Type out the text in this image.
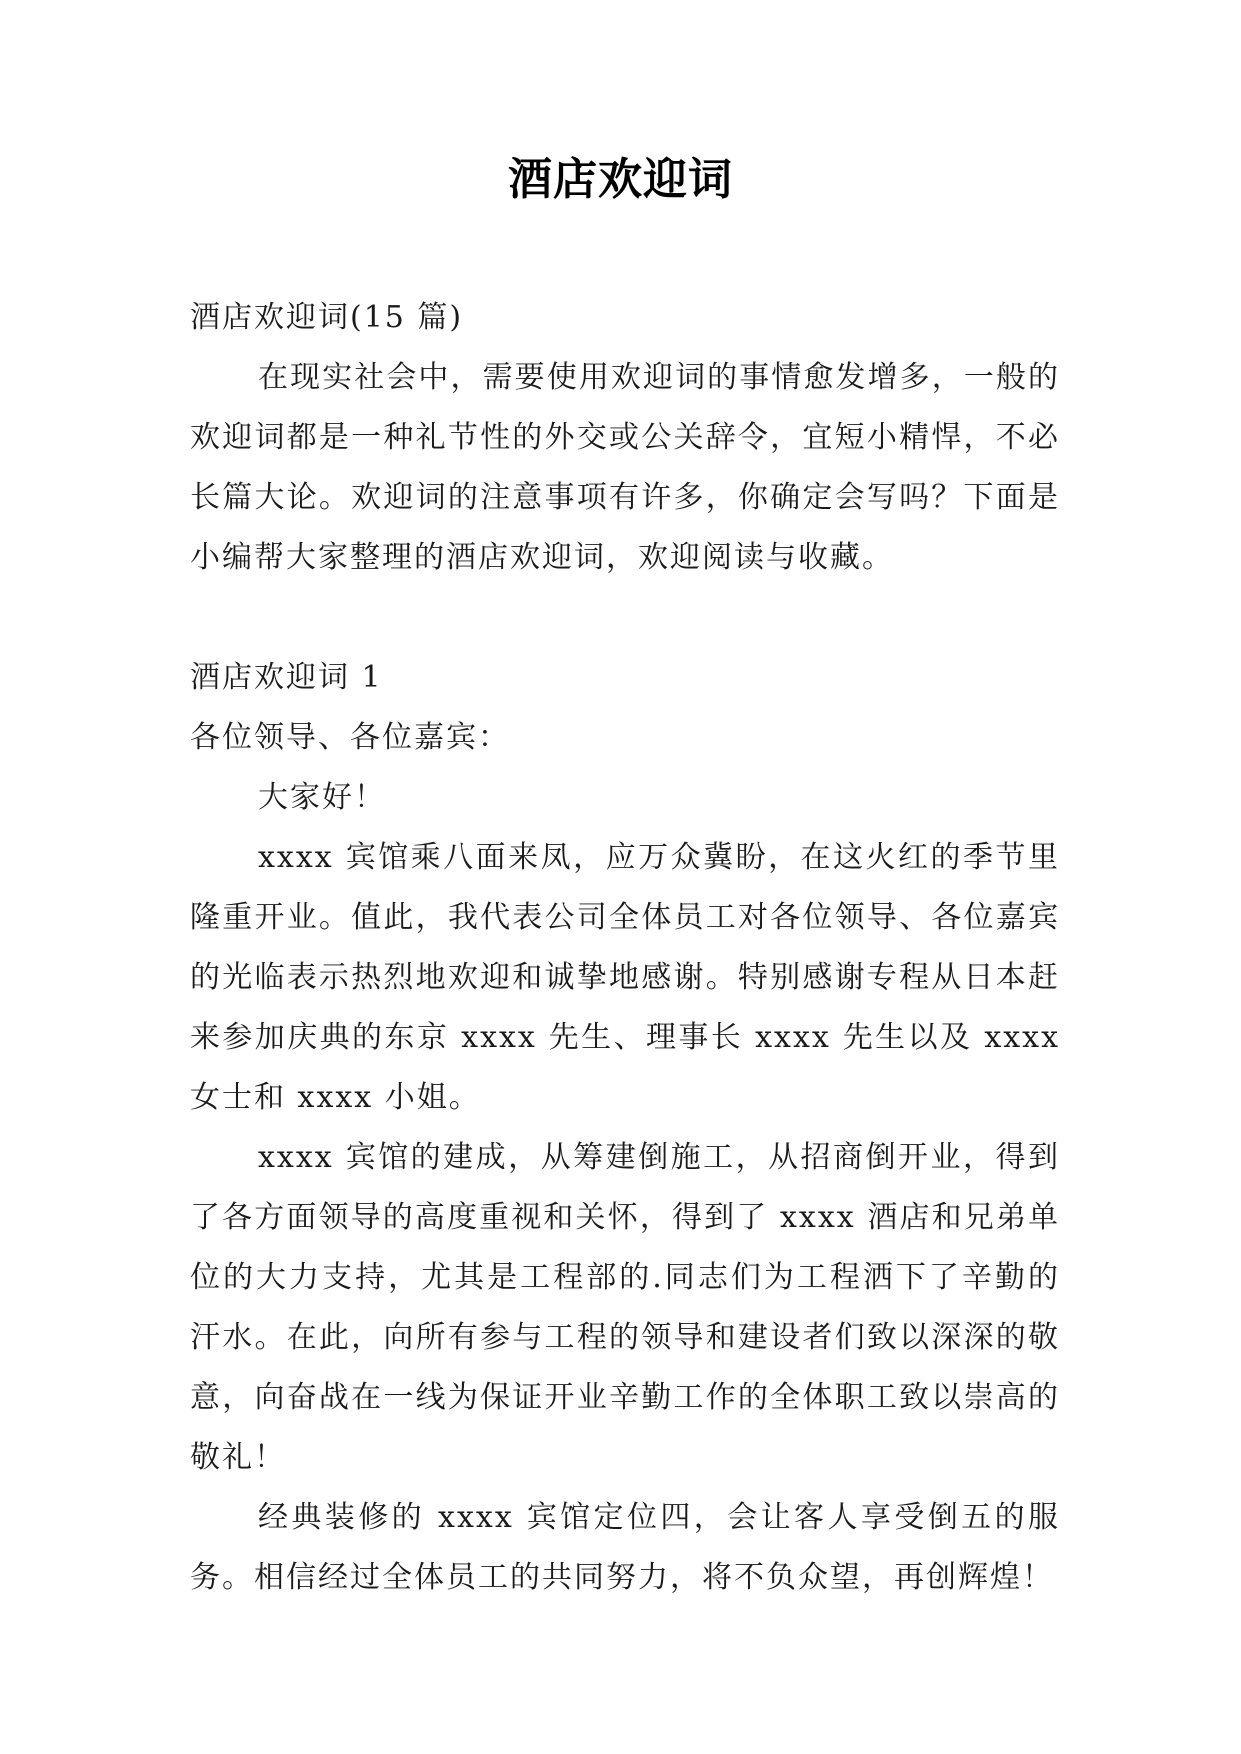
酒店欢迎词

酒店欢迎词(15 篇)

在现实社会中，需要使用欢迎词的事情愈发增多，一般的欢迎词都是一种礼节性的外交或公关辞令，宜短小精悍，不必长篇大论。欢迎词的注意事项有许多，你确定会写吗？下面是小编帮大家整理的酒店欢迎词，欢迎阅读与收藏。

酒店欢迎词 1

各位领导、各位嘉宾：

大家好！

xxxx 宾馆乘八面来凤，应万众冀盼，在这火红的季节里隆重开业。值此，我代表公司全体员工对各位领导、各位嘉宾的光临表示热烈地欢迎和诚挚地感谢。特别感谢专程从日本赶来参加庆典的东京 xxxx 先生、理事长 xxxx 先生以及 xxxx 女士和 xxxx 小姐。

xxxx 宾馆的建成，从筹建倒施工，从招商倒开业，得到了各方面领导的高度重视和关怀，得到了 xxxx 酒店和兄弟单位的大力支持，尤其是工程部的.同志们为工程洒下了辛勤的汗水。在此，向所有参与工程的领导和建设者们致以深深的敬意，向奋战在一线为保证开业辛勤工作的全体职工致以崇高的敬礼！

经典装修的 xxxx 宾馆定位四，会让客人享受倒五的服务。相信经过全体员工的共同努力，将不负众望，再创辉煌！
